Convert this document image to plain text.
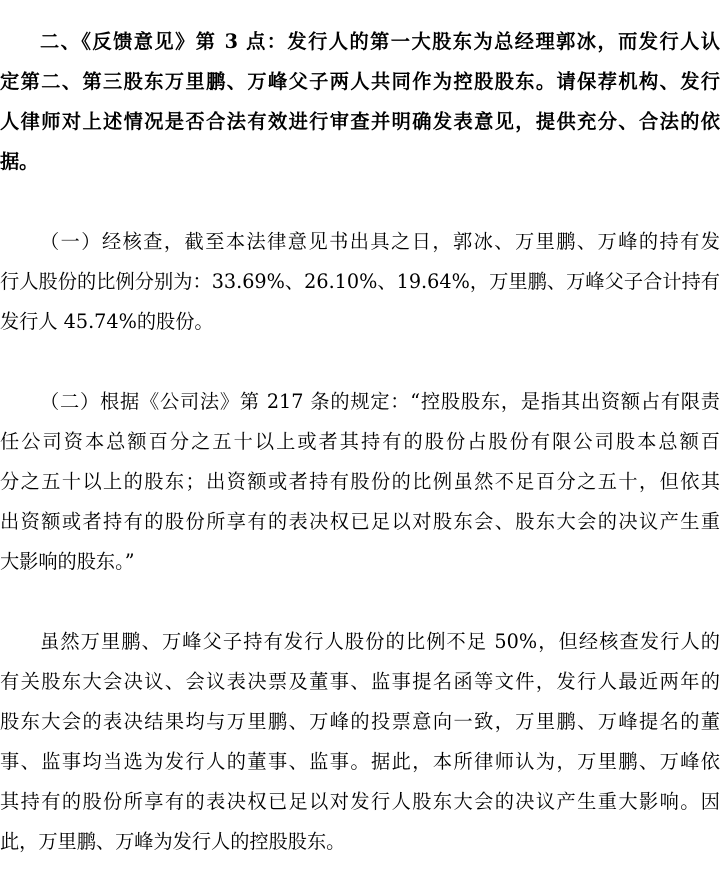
二、《反馈意见》第 3 点：发行人的第一大股东为总经理郭冰，而发行人认
定第二、第三股东万里鹏、万峰父子两人共同作为控股股东。请保荐机构、发行
人律师对上述情况是否合法有效进行审查并明确发表意见，提供充分、合法的依
据。
（一）经核查，截至本法律意见书出具之日，郭冰、万里鹏、万峰的持有发
行人股份的比例分别为：33.69%、26.10%、19.64%，万里鹏、万峰父子合计持有
发行人 45.74%的股份。
（二）根据《公司法》第 217 条的规定：“控股股东，是指其出资额占有限责
任公司资本总额百分之五十以上或者其持有的股份占股份有限公司股本总额百
分之五十以上的股东；出资额或者持有股份的比例虽然不足百分之五十，但依其
出资额或者持有的股份所享有的表决权已足以对股东会、股东大会的决议产生重
大影响的股东。”
虽然万里鹏、万峰父子持有发行人股份的比例不足 50%，但经核查发行人的
有关股东大会决议、会议表决票及董事、监事提名函等文件，发行人最近两年的
股东大会的表决结果均与万里鹏、万峰的投票意向一致，万里鹏、万峰提名的董
事、监事均当选为发行人的董事、监事。据此，本所律师认为，万里鹏、万峰依
其持有的股份所享有的表决权已足以对发行人股东大会的决议产生重大影响。因
此，万里鹏、万峰为发行人的控股股东。
